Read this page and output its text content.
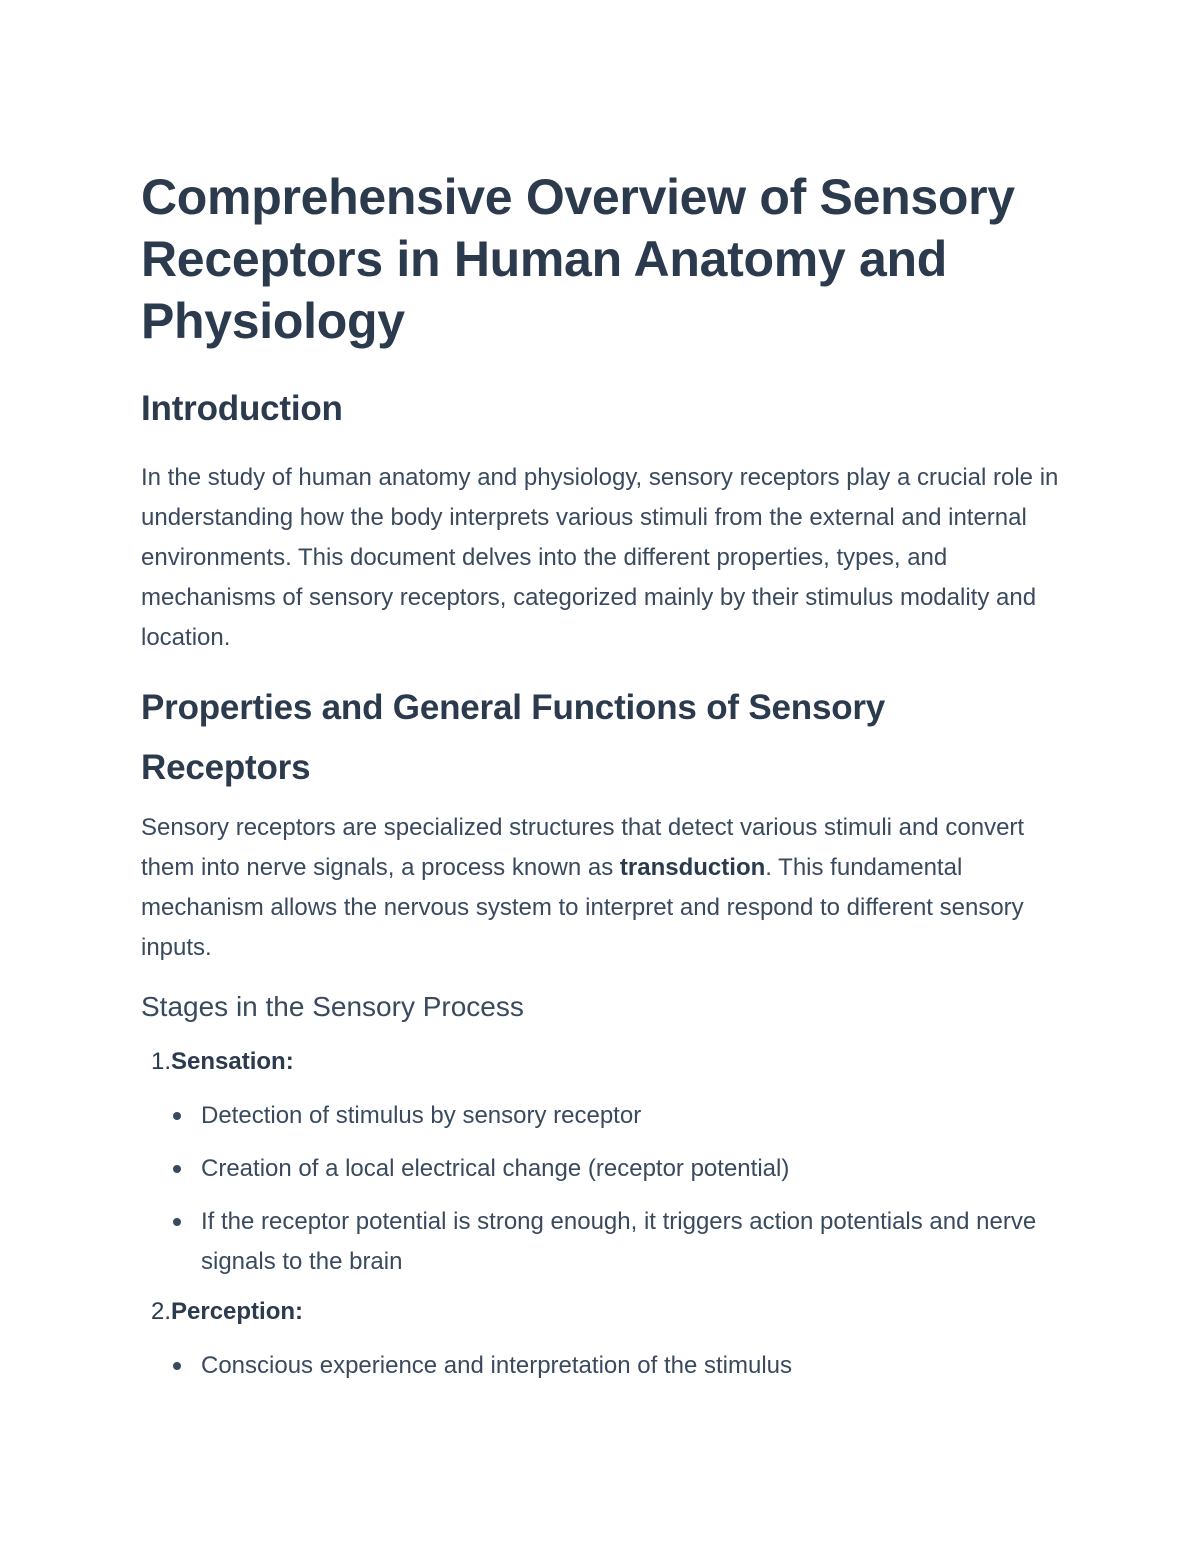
Comprehensive Overview of Sensory Receptors in Human Anatomy and Physiology
Introduction

In the study of human anatomy and physiology, sensory receptors play a crucial role in understanding how the body interprets various stimuli from the external and internal environments. This document delves into the different properties, types, and mechanisms of sensory receptors, categorized mainly by their stimulus modality and location.

Properties and General Functions of Sensory Receptors

Sensory receptors are specialized structures that detect various stimuli and convert them into nerve signals, a process known as transduction. This fundamental mechanism allows the nervous system to interpret and respond to different sensory inputs.

Stages in the Sensory Process
1. Sensation:
Detection of stimulus by sensory receptor
Creation of a local electrical change (receptor potential)
If the receptor potential is strong enough, it triggers action potentials and nerve signals to the brain
2. Perception:
Conscious experience and interpretation of the stimulus
